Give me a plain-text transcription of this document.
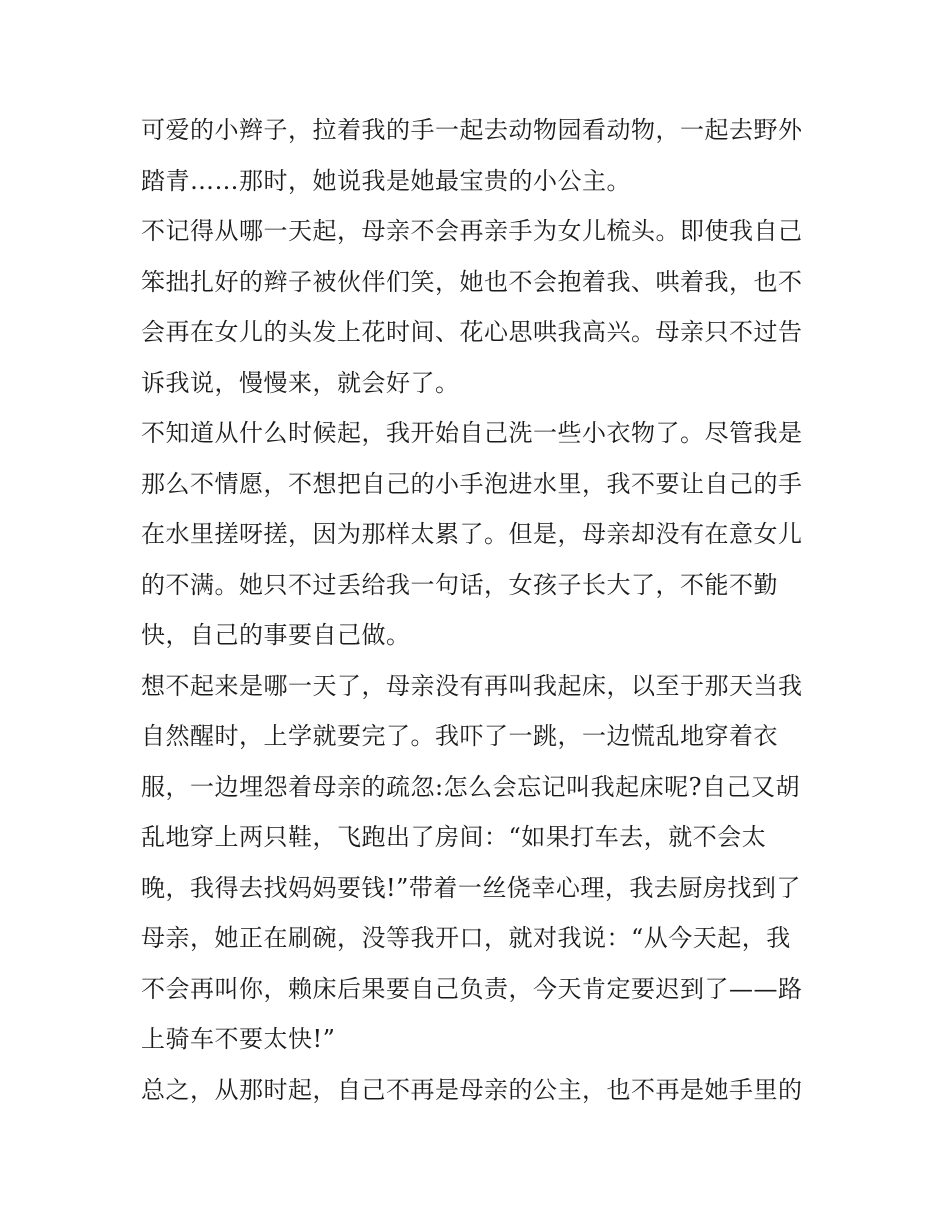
可爱的小辫子，拉着我的手一起去动物园看动物，一起去野外
踏青……那时，她说我是她最宝贵的小公主。
不记得从哪一天起，母亲不会再亲手为女儿梳头。即使我自己
笨拙扎好的辫子被伙伴们笑，她也不会抱着我、哄着我，也不
会再在女儿的头发上花时间、花心思哄我高兴。母亲只不过告
诉我说，慢慢来，就会好了。
不知道从什么时候起，我开始自己洗一些小衣物了。尽管我是
那么不情愿，不想把自己的小手泡进水里，我不要让自己的手
在水里搓呀搓，因为那样太累了。但是，母亲却没有在意女儿
的不满。她只不过丢给我一句话，女孩子长大了，不能不勤
快，自己的事要自己做。
想不起来是哪一天了，母亲没有再叫我起床，以至于那天当我
自然醒时，上学就要完了。我吓了一跳，一边慌乱地穿着衣
服，一边埋怨着母亲的疏忽:怎么会忘记叫我起床呢?自己又胡
乱地穿上两只鞋，飞跑出了房间：“如果打车去，就不会太
晚，我得去找妈妈要钱!”带着一丝侥幸心理，我去厨房找到了
母亲，她正在刷碗，没等我开口，就对我说：“从今天起，我
不会再叫你，赖床后果要自己负责，今天肯定要迟到了——路
上骑车不要太快!”
总之，从那时起，自己不再是母亲的公主，也不再是她手里的
